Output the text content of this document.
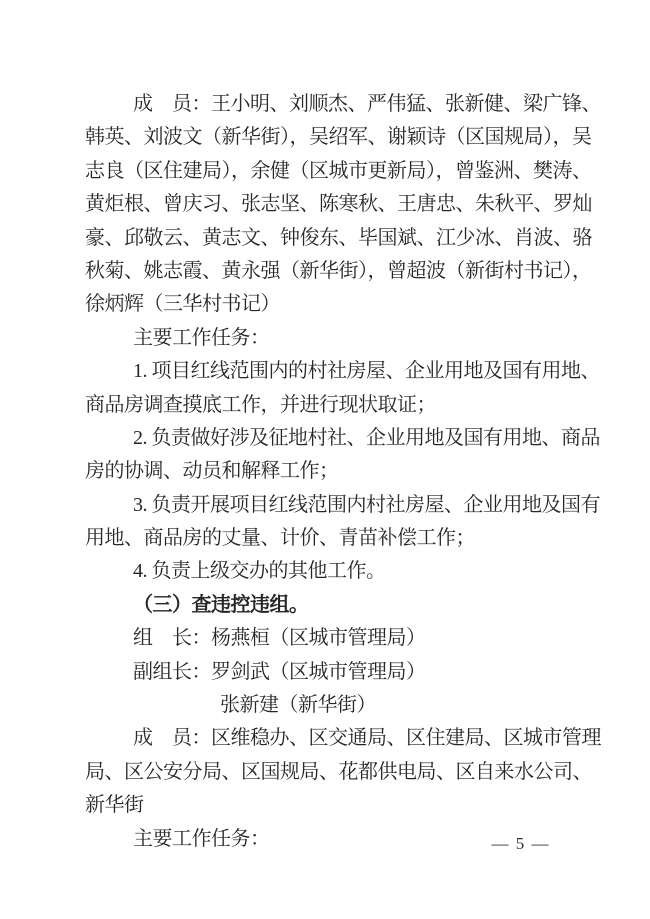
成　员：王小明、刘顺杰、严伟猛、张新健、梁广锋、
韩英、刘波文（新华街），吴绍军、谢颖诗（区国规局），吴
志良（区住建局），余健（区城市更新局），曾鉴洲、樊涛、
黄炬根、曾庆习、张志坚、陈寒秋、王唐忠、朱秋平、罗灿
豪、邱敬云、黄志文、钟俊东、毕国斌、江少冰、肖波、骆
秋菊、姚志霞、黄永强（新华街），曾超波（新街村书记），
徐炳辉（三华村书记）
主要工作任务：
1. 项目红线范围内的村社房屋、企业用地及国有用地、
商品房调查摸底工作，并进行现状取证；
2. 负责做好涉及征地村社、企业用地及国有用地、商品
房的协调、动员和解释工作；
3. 负责开展项目红线范围内村社房屋、企业用地及国有
用地、商品房的丈量、计价、青苗补偿工作；
4. 负责上级交办的其他工作。
（三）查违控违组。
组　长：杨燕桓（区城市管理局）
副组长：罗剑武（区城市管理局）
张新建（新华街）
成　员：区维稳办、区交通局、区住建局、区城市管理
局、区公安分局、区国规局、花都供电局、区自来水公司、
新华街
主要工作任务：	— 5 —
